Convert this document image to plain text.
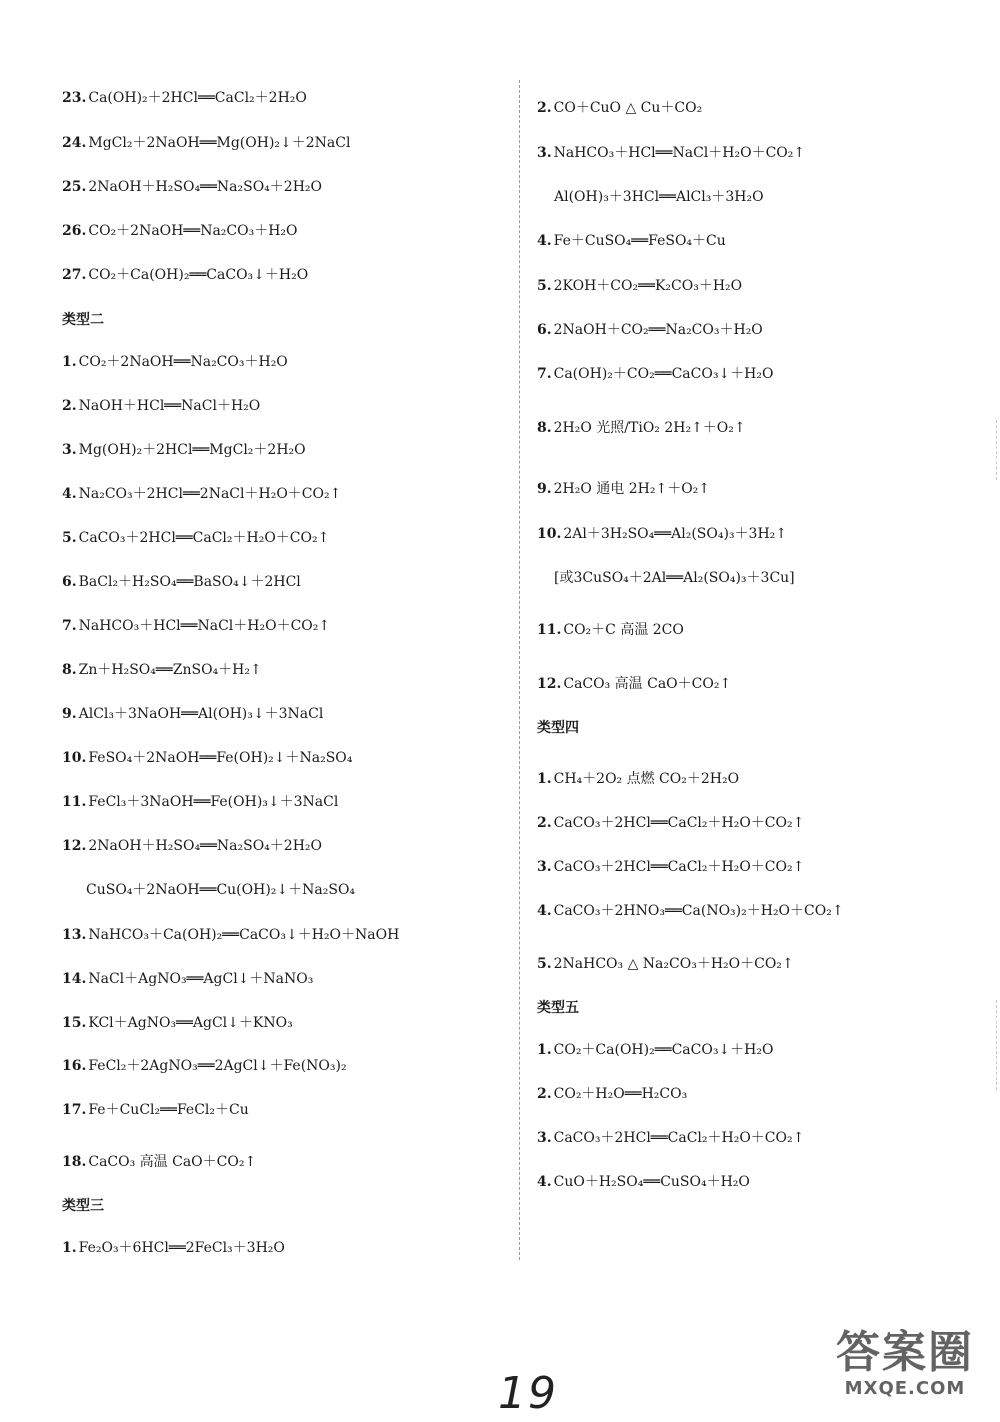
23. Ca(OH)₂＋2HCl══CaCl₂＋2H₂O
24. MgCl₂＋2NaOH══Mg(OH)₂↓＋2NaCl
25. 2NaOH＋H₂SO₄══Na₂SO₄＋2H₂O
26. CO₂＋2NaOH══Na₂CO₃＋H₂O
27. CO₂＋Ca(OH)₂══CaCO₃↓＋H₂O
类型二
1. CO₂＋2NaOH══Na₂CO₃＋H₂O
2. NaOH＋HCl══NaCl＋H₂O
3. Mg(OH)₂＋2HCl══MgCl₂＋2H₂O
4. Na₂CO₃＋2HCl══2NaCl＋H₂O＋CO₂↑
5. CaCO₃＋2HCl══CaCl₂＋H₂O＋CO₂↑
6. BaCl₂＋H₂SO₄══BaSO₄↓＋2HCl
7. NaHCO₃＋HCl══NaCl＋H₂O＋CO₂↑
8. Zn＋H₂SO₄══ZnSO₄＋H₂↑
9. AlCl₃＋3NaOH══Al(OH)₃↓＋3NaCl
10. FeSO₄＋2NaOH══Fe(OH)₂↓＋Na₂SO₄
11. FeCl₃＋3NaOH══Fe(OH)₃↓＋3NaCl
12. 2NaOH＋H₂SO₄══Na₂SO₄＋2H₂O
CuSO₄＋2NaOH══Cu(OH)₂↓＋Na₂SO₄
13. NaHCO₃＋Ca(OH)₂══CaCO₃↓＋H₂O＋NaOH
14. NaCl＋AgNO₃══AgCl↓＋NaNO₃
15. KCl＋AgNO₃══AgCl↓＋KNO₃
16. FeCl₂＋2AgNO₃══2AgCl↓＋Fe(NO₃)₂
17. Fe＋CuCl₂══FeCl₂＋Cu
18. CaCO₃ 高温 CaO＋CO₂↑
类型三
1. Fe₂O₃＋6HCl══2FeCl₃＋3H₂O
2. CO＋CuO △ Cu＋CO₂
3. NaHCO₃＋HCl══NaCl＋H₂O＋CO₂↑
Al(OH)₃＋3HCl══AlCl₃＋3H₂O
4. Fe＋CuSO₄══FeSO₄＋Cu
5. 2KOH＋CO₂══K₂CO₃＋H₂O
6. 2NaOH＋CO₂══Na₂CO₃＋H₂O
7. Ca(OH)₂＋CO₂══CaCO₃↓＋H₂O
8. 2H₂O 光照/TiO₂ 2H₂↑＋O₂↑
9. 2H₂O 通电 2H₂↑＋O₂↑
10. 2Al＋3H₂SO₄══Al₂(SO₄)₃＋3H₂↑
[或3CuSO₄＋2Al══Al₂(SO₄)₃＋3Cu]
11. CO₂＋C 高温 2CO
12. CaCO₃ 高温 CaO＋CO₂↑
类型四
1. CH₄＋2O₂ 点燃 CO₂＋2H₂O
2. CaCO₃＋2HCl══CaCl₂＋H₂O＋CO₂↑
3. CaCO₃＋2HCl══CaCl₂＋H₂O＋CO₂↑
4. CaCO₃＋2HNO₃══Ca(NO₃)₂＋H₂O＋CO₂↑
5. 2NaHCO₃ △ Na₂CO₃＋H₂O＋CO₂↑
类型五
1. CO₂＋Ca(OH)₂══CaCO₃↓＋H₂O
2. CO₂＋H₂O══H₂CO₃
3. CaCO₃＋2HCl══CaCl₂＋H₂O＋CO₂↑
4. CuO＋H₂SO₄══CuSO₄＋H₂O
19
答案圈
MXQE.COM
